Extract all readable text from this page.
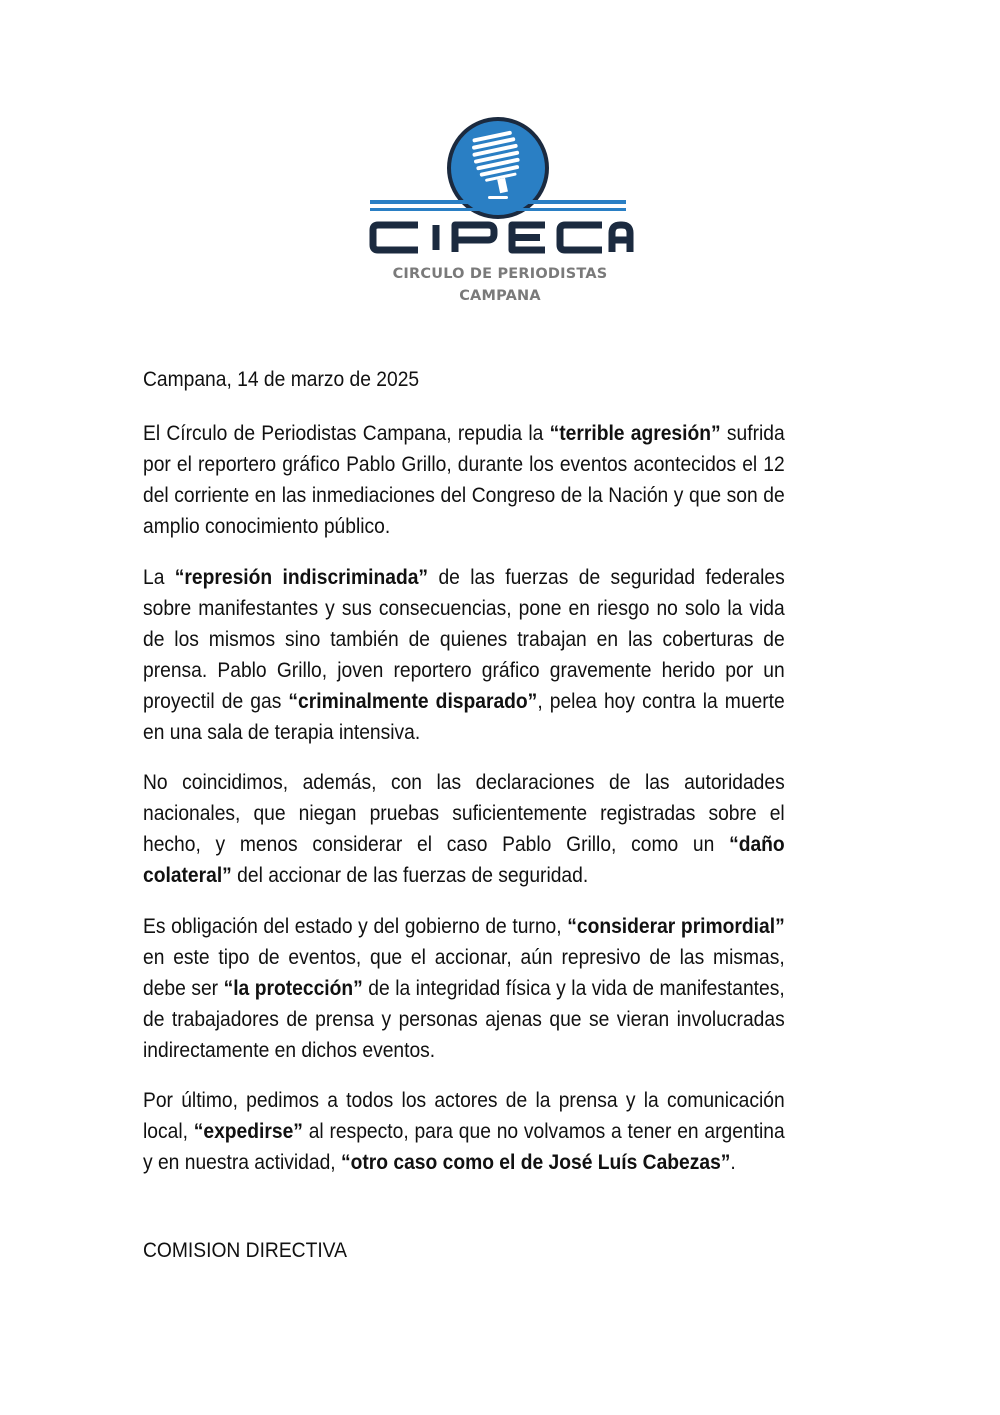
CIRCULO DE PERIODISTAS
CAMPANA
Campana, 14 de marzo de 2025
El Círculo de Periodistas Campana, repudia la “terrible agresión” sufrida por el reportero gráfico Pablo Grillo, durante los eventos acontecidos el 12 del corriente en las inmediaciones del Congreso de la Nación y que son de amplio conocimiento público.
La “represión indiscriminada” de las fuerzas de seguridad federales sobre manifestantes y sus consecuencias, pone en riesgo no solo la vida de los mismos sino también de quienes trabajan en las coberturas de prensa. Pablo Grillo, joven reportero gráfico gravemente herido por un proyectil de gas “criminalmente disparado”, pelea hoy contra la muerte en una sala de terapia intensiva.
No coincidimos, además, con las declaraciones de las autoridades nacionales, que niegan pruebas suficientemente registradas sobre el hecho, y menos considerar el caso Pablo Grillo, como un “daño colateral” del accionar de las fuerzas de seguridad.
Es obligación del estado y del gobierno de turno, “considerar primordial” en este tipo de eventos, que el accionar, aún represivo de las mismas, debe ser “la protección” de la integridad física y la vida de manifestantes, de trabajadores de prensa y personas ajenas que se vieran involucradas indirectamente en dichos eventos.
Por último, pedimos a todos los actores de la prensa y la comunicación local, “expedirse” al respecto, para que no volvamos a tener en argentina y en nuestra actividad, “otro caso como el de José Luís Cabezas”.
COMISION DIRECTIVA
